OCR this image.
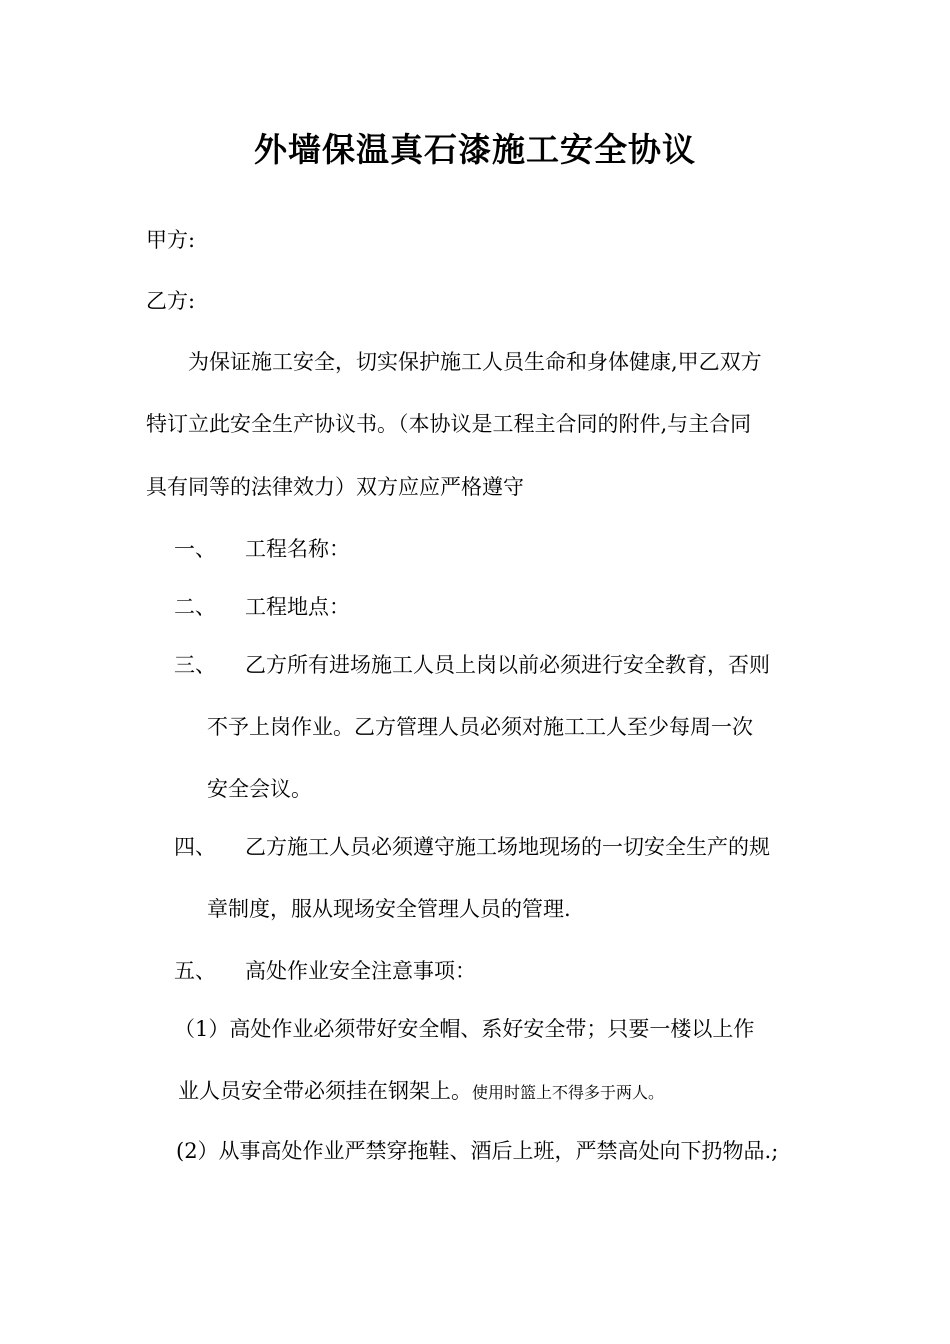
外墙保温真石漆施工安全协议
甲方:
乙方:
为保证施工安全，切实保护施工人员生命和身体健康,甲乙双方
特订立此安全生产协议书。（本协议是工程主合同的附件,与主合同
具有同等的法律效力）双方应应严格遵守
一、 工程名称：
二、 工程地点：
三、 乙方所有进场施工人员上岗以前必须进行安全教育，否则
不予上岗作业。乙方管理人员必须对施工工人至少每周一次
安全会议。
四、 乙方施工人员必须遵守施工场地现场的一切安全生产的规
章制度，服从现场安全管理人员的管理.
五、 高处作业安全注意事项：
（1）高处作业必须带好安全帽、系好安全带；只要一楼以上作
业人员安全带必须挂在钢架上。使用时篮上不得多于两人。
(2）从事高处作业严禁穿拖鞋、酒后上班，严禁高处向下扔物品.;
